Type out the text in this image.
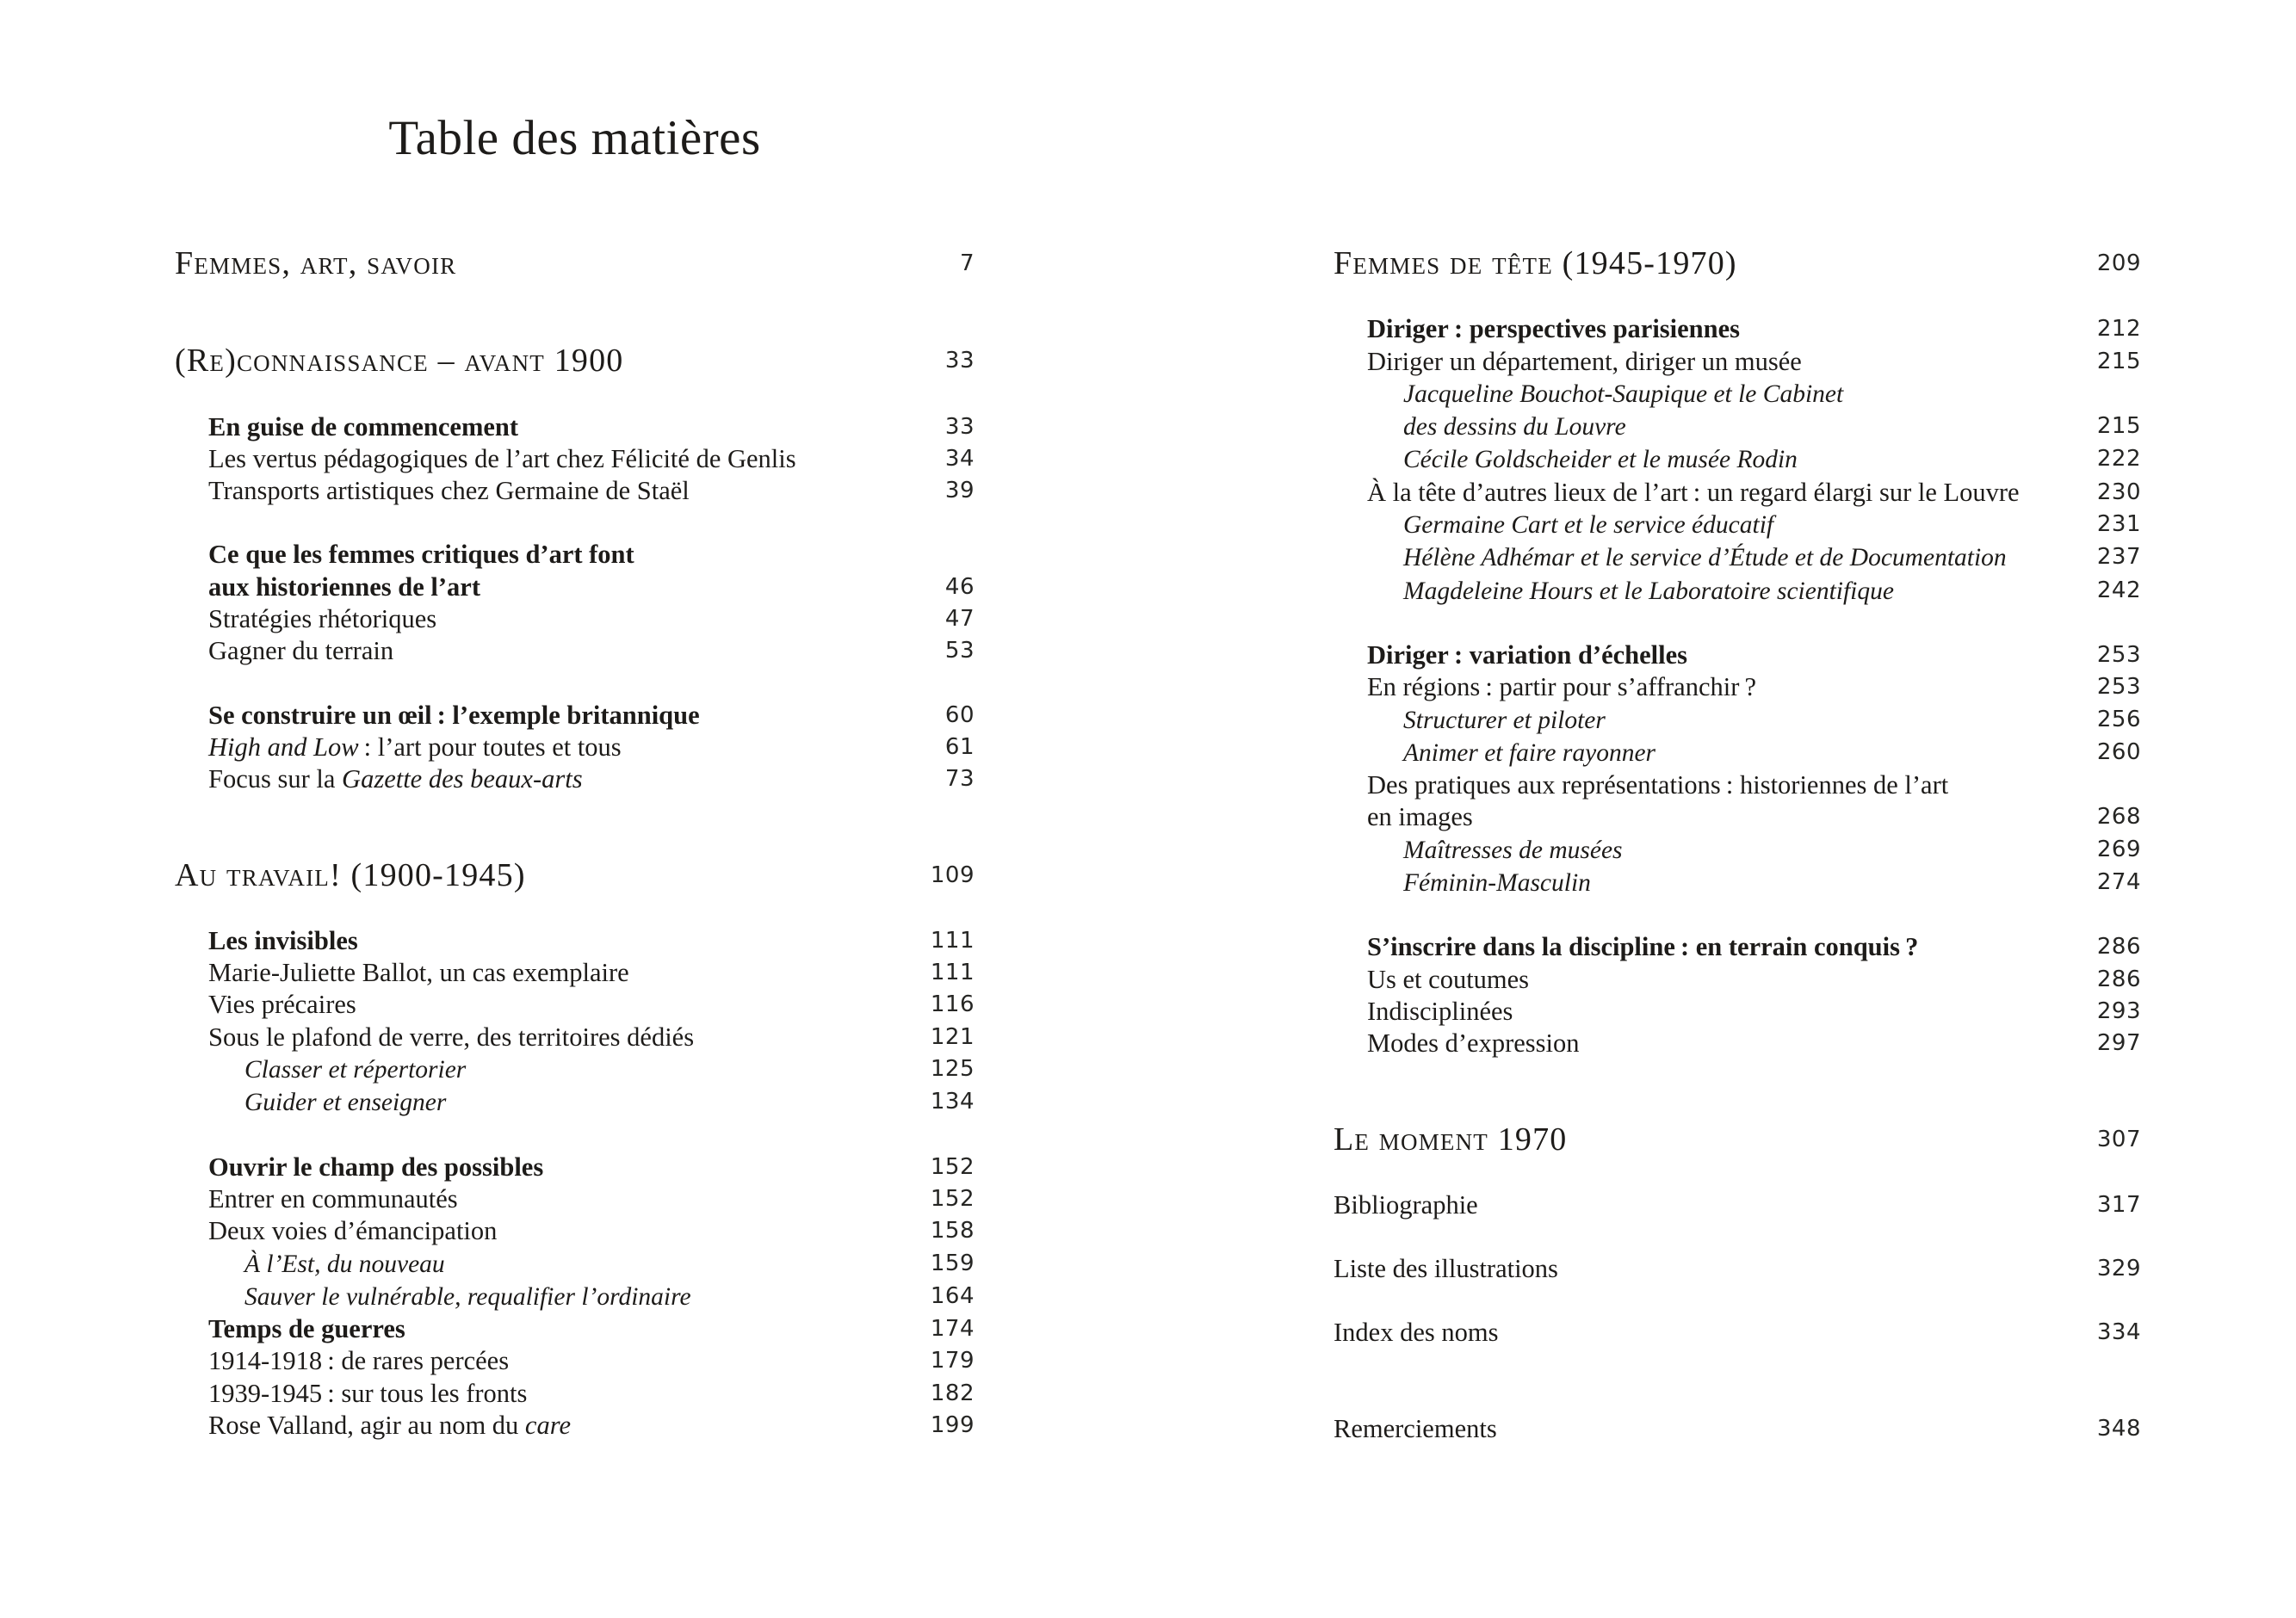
Table des matières
Femmes, art, savoir	7
(Re)connaissance – avant 1900	33
En guise de commencement	33
Les vertus pédagogiques de l’art chez Félicité de Genlis	34
Transports artistiques chez Germaine de Staël	39
Ce que les femmes critiques d’art font
aux historiennes de l’art	46
Stratégies rhétoriques	47
Gagner du terrain	53
Se construire un œil : l’exemple britannique	60
High and Low : l’art pour toutes et tous	61
Focus sur la Gazette des beaux-arts	73
Au travail! (1900-1945)	109
Les invisibles	111
Marie-Juliette Ballot, un cas exemplaire	111
Vies précaires	116
Sous le plafond de verre, des territoires dédiés	121
Classer et répertorier	125
Guider et enseigner	134
Ouvrir le champ des possibles	152
Entrer en communautés	152
Deux voies d’émancipation	158
À l’Est, du nouveau	159
Sauver le vulnérable, requalifier l’ordinaire	164
Temps de guerres	174
1914-1918 : de rares percées	179
1939-1945 : sur tous les fronts	182
Rose Valland, agir au nom du care	199
Femmes de tête (1945-1970)	209
Diriger : perspectives parisiennes	212
Diriger un département, diriger un musée	215
Jacqueline Bouchot-Saupique et le Cabinet
des dessins du Louvre	215
Cécile Goldscheider et le musée Rodin	222
À la tête d’autres lieux de l’art : un regard élargi sur le Louvre	230
Germaine Cart et le service éducatif	231
Hélène Adhémar et le service d’Étude et de Documentation	237
Magdeleine Hours et le Laboratoire scientifique	242
Diriger : variation d’échelles	253
En régions : partir pour s’affranchir ?	253
Structurer et piloter	256
Animer et faire rayonner	260
Des pratiques aux représentations : historiennes de l’art
en images	268
Maîtresses de musées	269
Féminin-Masculin	274
S’inscrire dans la discipline : en terrain conquis ?	286
Us et coutumes	286
Indisciplinées	293
Modes d’expression	297
Le moment 1970	307
Bibliographie	317
Liste des illustrations	329
Index des noms	334
Remerciements	348
